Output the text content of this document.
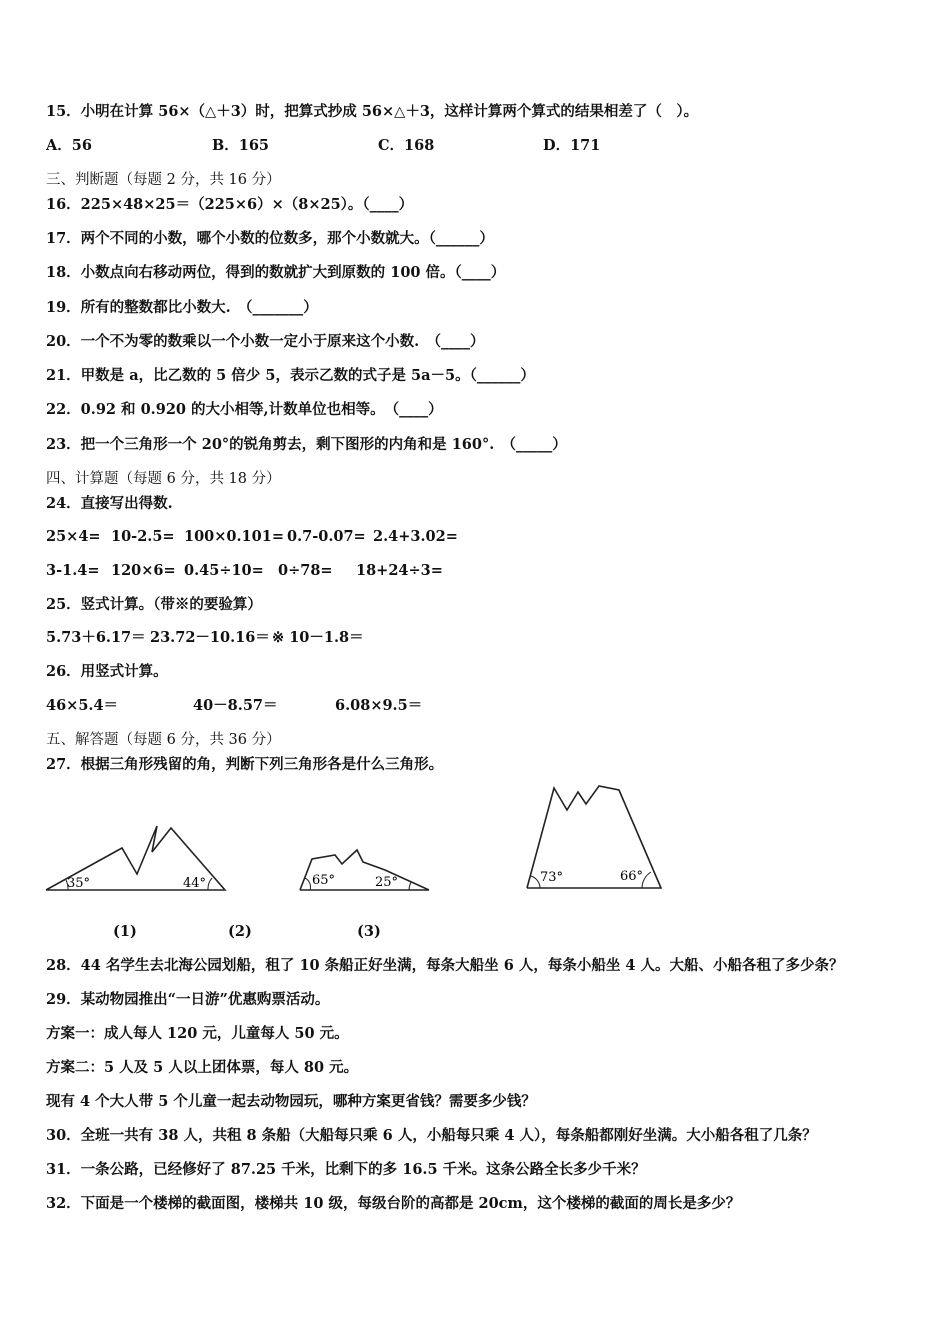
15．小明在计算 56×（△＋3）时，把算式抄成 56×△＋3，这样计算两个算式的结果相差了（　）。
A．56	B．165	C．168	D．171
三、判断题（每题 2 分，共 16 分）
16．225×48×25＝（225×6）×（8×25）。（____）
17．两个不同的小数，哪个小数的位数多，那个小数就大。（______）
18．小数点向右移动两位，得到的数就扩大到原数的 100 倍。（____）
19．所有的整数都比小数大.　（_______）
20．一个不为零的数乘以一个小数一定小于原来这个小数.　（____）
21．甲数是 a，比乙数的 5 倍少 5，表示乙数的式子是 5a－5。（______）
22．0.92 和 0.920 的大小相等,计数单位也相等。　（____）
23．把一个三角形一个 20°的锐角剪去，剩下图形的内角和是 160°.　（_____）
四、计算题（每题 6 分，共 18 分）
24．直接写出得数.
25×4= 10-2.5= 100×0.101= 0.7-0.07= 2.4+3.02=
3-1.4= 120×6= 0.45÷10= 0÷78= 18+24÷3=
25．竖式计算。（带※的要验算）
5.73＋6.17＝ 23.72－10.16＝ ※ 10－1.8＝
26．用竖式计算。
46×5.4＝	40－8.57＝	6.08×9.5＝
五、解答题（每题 6 分，共 36 分）
27．根据三角形残留的角，判断下列三角形各是什么三角形。
35°	44°	65°	25°	73°	66°
(1)	(2)	(3)
28．44 名学生去北海公园划船，租了 10 条船正好坐满，每条大船坐 6 人，每条小船坐 4 人。大船、小船各租了多少条？
29．某动物园推出“一日游”优惠购票活动。
方案一：成人每人 120 元，儿童每人 50 元。
方案二：5 人及 5 人以上团体票，每人 80 元。
现有 4 个大人带 5 个儿童一起去动物园玩，哪种方案更省钱？需要多少钱？
30．全班一共有 38 人，共租 8 条船（大船每只乘 6 人，小船每只乘 4 人），每条船都刚好坐满。大小船各租了几条？
31．一条公路，已经修好了 87.25 千米，比剩下的多 16.5 千米。这条公路全长多少千米？
32．下面是一个楼梯的截面图，楼梯共 10 级，每级台阶的高都是 20cm，这个楼梯的截面的周长是多少？
